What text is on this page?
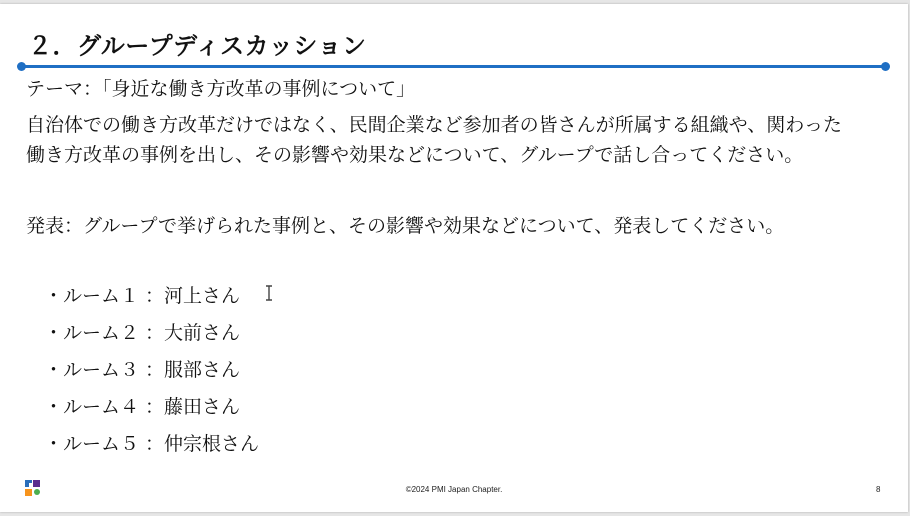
２．グループディスカッション
テーマ：「身近な働き方改革の事例について」
自治体での働き方改革だけではなく、民間企業など参加者の皆さんが所属する組織や、関わった
働き方改革の事例を出し、その影響や効果などについて、グループで話し合ってください。
発表：グループで挙げられた事例と、その影響や効果などについて、発表してください。
・ルーム１ ：河上さん
・ルーム２ ：大前さん
・ルーム３ ：服部さん
・ルーム４ ：藤田さん
・ルーム５ ：仲宗根さん
©2024 PMI Japan Chapter.	8
